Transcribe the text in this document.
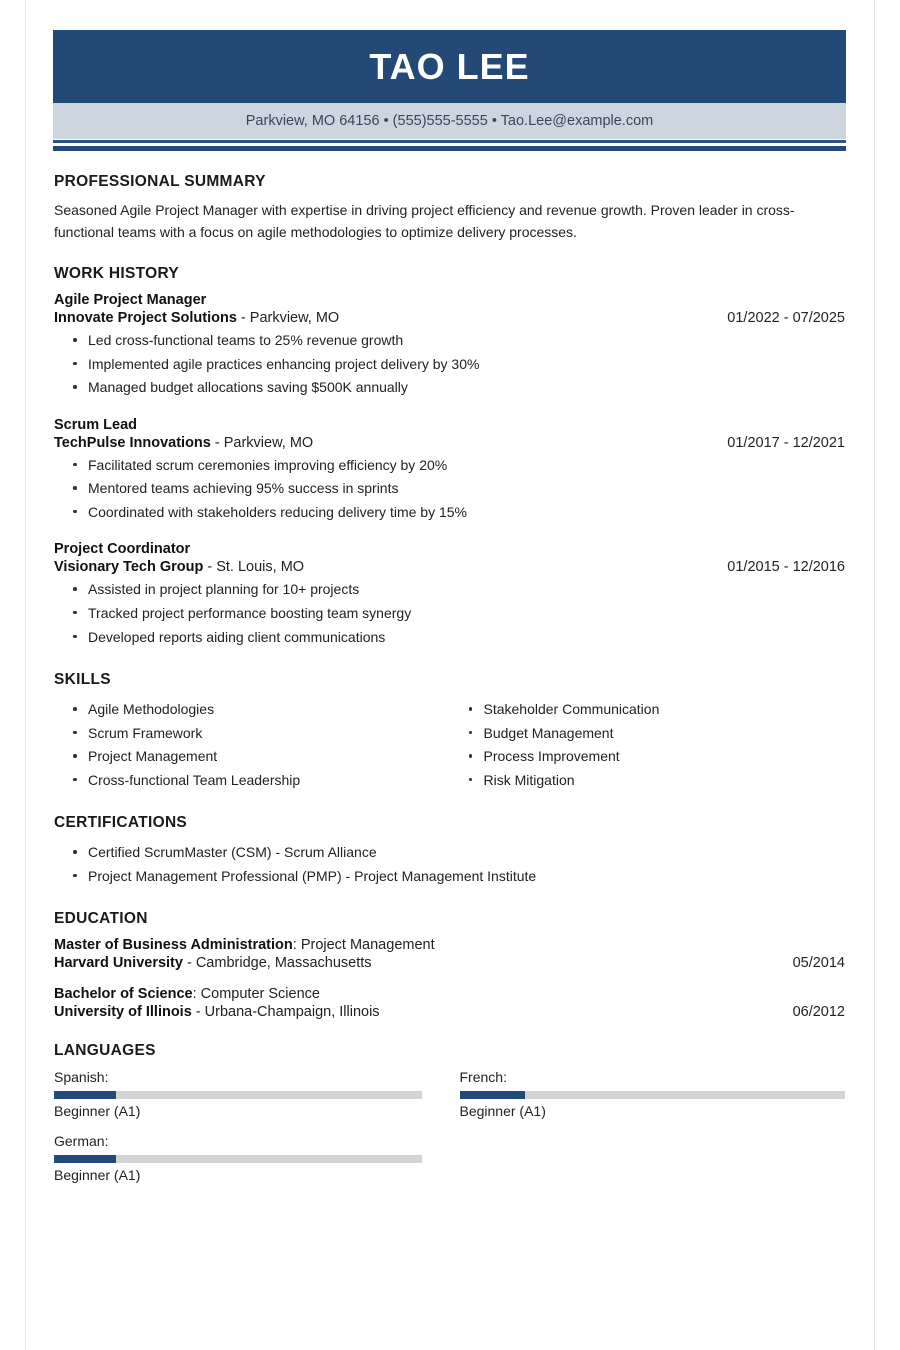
TAO LEE
Parkview, MO 64156 • (555)555-5555 • Tao.Lee@example.com
PROFESSIONAL SUMMARY

Seasoned Agile Project Manager with expertise in driving project efficiency and revenue growth. Proven leader in cross-functional teams with a focus on agile methodologies to optimize delivery processes.

WORK HISTORY
Agile Project Manager
Innovate Project Solutions - Parkview, MO	01/2022 - 07/2025
Led cross-functional teams to 25% revenue growth
Implemented agile practices enhancing project delivery by 30%
Managed budget allocations saving $500K annually
Scrum Lead
TechPulse Innovations - Parkview, MO	01/2017 - 12/2021
Facilitated scrum ceremonies improving efficiency by 20%
Mentored teams achieving 95% success in sprints
Coordinated with stakeholders reducing delivery time by 15%
Project Coordinator
Visionary Tech Group - St. Louis, MO	01/2015 - 12/2016
Assisted in project planning for 10+ projects
Tracked project performance boosting team synergy
Developed reports aiding client communications
SKILLS
Agile Methodologies
Scrum Framework
Project Management
Cross-functional Team Leadership
Stakeholder Communication
Budget Management
Process Improvement
Risk Mitigation
CERTIFICATIONS
Certified ScrumMaster (CSM) - Scrum Alliance
Project Management Professional (PMP) - Project Management Institute
EDUCATION
Master of Business Administration: Project Management
Harvard University - Cambridge, Massachusetts	05/2014
Bachelor of Science: Computer Science
University of Illinois - Urbana-Champaign, Illinois	06/2012
LANGUAGES
Spanish:
Beginner (A1)
French:
Beginner (A1)
German:
Beginner (A1)
